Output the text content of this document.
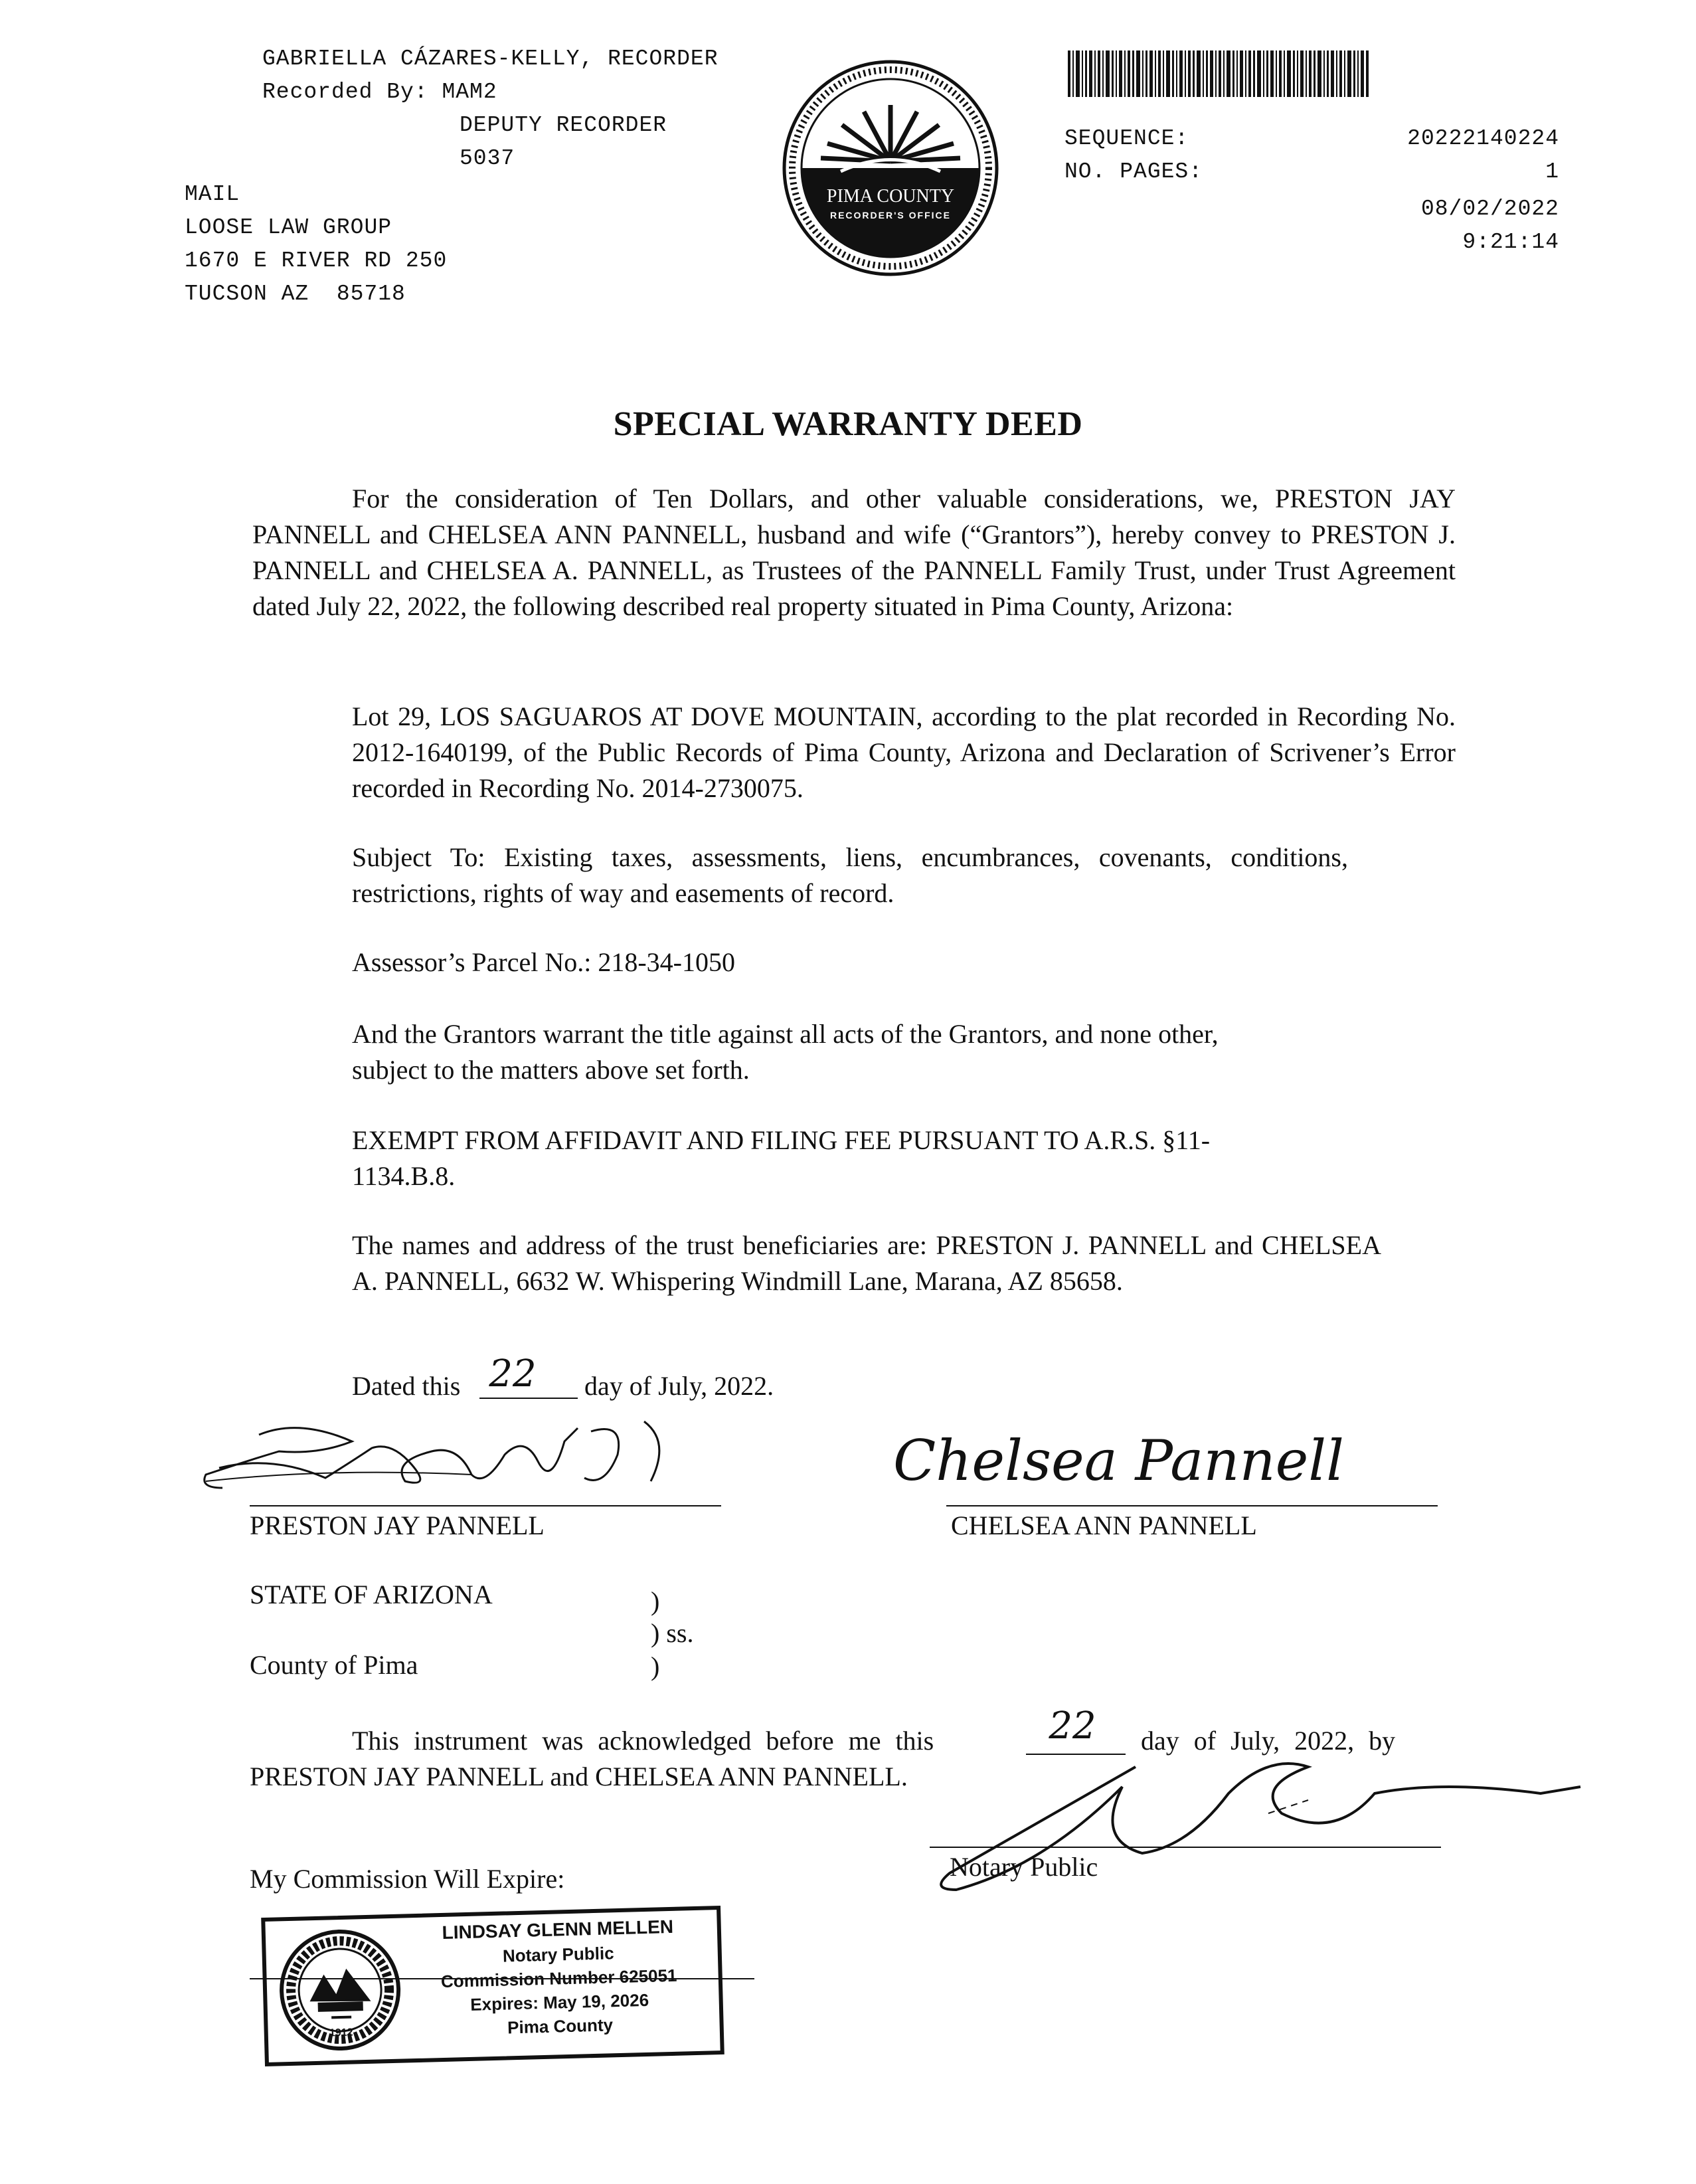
GABRIELLA CÁZARES-KELLY, RECORDER
Recorded By: MAM2
DEPUTY RECORDER
5037
MAIL
LOOSE LAW GROUP
1670 E RIVER RD 250
TUCSON AZ  85718
PIMA COUNTY
RECORDER'S OFFICE
SEQUENCE:	20222140224
NO. PAGES:	1
08/02/2022
9:21:14
SPECIAL WARRANTY DEED
For the consideration of Ten Dollars, and other valuable considerations, we, PRESTON JAY PANNELL and CHELSEA ANN PANNELL, husband and wife (“Grantors”), hereby convey to PRESTON J. PANNELL and CHELSEA A. PANNELL, as Trustees of the PANNELL Family Trust, under Trust Agreement dated July 22, 2022, the following described real property situated in Pima County, Arizona:
Lot 29, LOS SAGUAROS AT DOVE MOUNTAIN, according to the plat recorded in Recording No. 2012-1640199, of the Public Records of Pima County, Arizona and Declaration of Scrivener’s Error recorded in Recording No. 2014-2730075.
Subject To: Existing taxes, assessments, liens, encumbrances, covenants, conditions, restrictions, rights of way and easements of record.
Assessor’s Parcel No.: 218-34-1050
And the Grantors warrant the title against all acts of the Grantors, and none other,
subject to the matters above set forth.
EXEMPT FROM AFFIDAVIT AND FILING FEE PURSUANT TO A.R.S. §11-
1134.B.8.
The names and address of the trust beneficiaries are: PRESTON J. PANNELL and CHELSEA A. PANNELL, 6632 W. Whispering Windmill Lane, Marana, AZ 85658.
Dated this 22	day of July, 2022.
PRESTON JAY PANNELL
Chelsea Pannell
CHELSEA ANN PANNELL
STATE OF ARIZONA	)
) ss.
County of Pima	)
This instrument was acknowledged before me this	22	day of July, 2022, by
PRESTON JAY PANNELL and CHELSEA ANN PANNELL.
Notary Public
My Commission Will Expire:
1912
LINDSAY GLENN MELLEN
Notary Public
Commission Number 625051
Expires: May 19, 2026
Pima County
